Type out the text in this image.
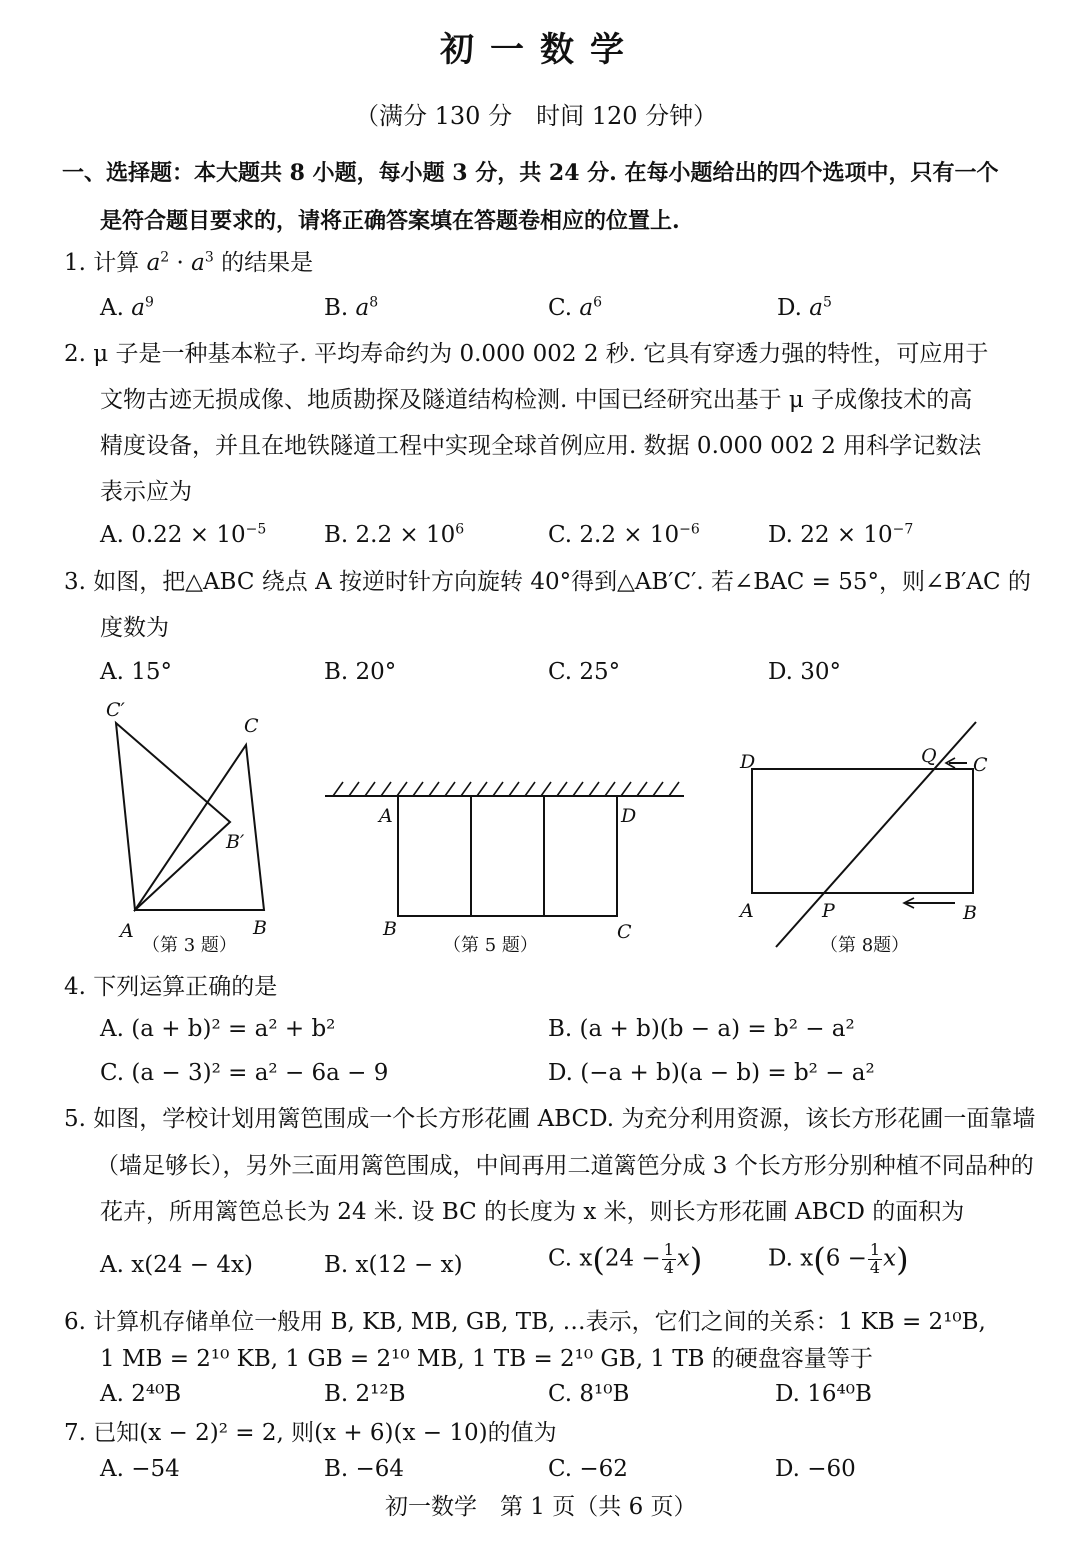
初一数学
（满分 130 分　时间 120 分钟）
一、选择题：本大题共 8 小题，每小题 3 分，共 24 分. 在每小题给出的四个选项中，只有一个
是符合题目要求的，请将正确答案填在答题卷相应的位置上.
1. 计算 $a^2 \cdot a^3$ 的结果是
A. $a^9$	B. $a^8$	C. $a^6$	D. $a^5$
2. μ 子是一种基本粒子. 平均寿命约为 0.000 002 2 秒. 它具有穿透力强的特性，可应用于
文物古迹无损成像、地质勘探及隧道结构检测. 中国已经研究出基于 μ 子成像技术的高
精度设备，并且在地铁隧道工程中实现全球首例应用. 数据 0.000 002 2 用科学记数法
表示应为
A. $0.22 \times 10^{-5}$	B. $2.2 \times 10^6$	C. $2.2 \times 10^{-6}$	D. $22 \times 10^{-7}$
3. 如图，把△ABC 绕点 A 按逆时针方向旋转 40°得到△AB′C′. 若∠BAC = 55°，则∠B′AC 的
度数为
A. 15°	B. 20°	C. 25°	D. 30°
C′
C
B′
A	B
（第 3 题）
A	D
B	C
（第 5 题）
D	Q C
A	P	B
（第 8题）
4. 下列运算正确的是
A. (a + b)² = a² + b²	B. (a + b)(b − a) = b² − a²
C. (a − 3)² = a² − 6a − 9	D. (−a + b)(a − b) = b² − a²
5. 如图，学校计划用篱笆围成一个长方形花圃 ABCD. 为充分利用资源，该长方形花圃一面靠墙
（墙足够长），另外三面用篱笆围成，中间再用二道篱笆分成 3 个长方形分别种植不同品种的
花卉，所用篱笆总长为 24 米. 设 BC 的长度为 x 米，则长方形花圃 ABCD 的面积为
A. x(24 − 4x)	B. x(12 − x)	C. $x(24 - \frac{1}{4} x)$	D. $x(6 - \frac{1}{4} x)$
6. 计算机存储单位一般用 B, KB, MB, GB, TB, …表示，它们之间的关系：1 KB = 2¹⁰B,
1 MB = 2¹⁰ KB, 1 GB = 2¹⁰ MB, 1 TB = 2¹⁰ GB, 1 TB 的硬盘容量等于
A. 2⁴⁰B	B. 2¹²B	C. 8¹⁰B	D. 16⁴⁰B
7. 已知(x − 2)² = 2, 则(x + 6)(x − 10)的值为
A. −54	B. −64	C. −62	D. −60
初一数学　第 1 页（共 6 页）
